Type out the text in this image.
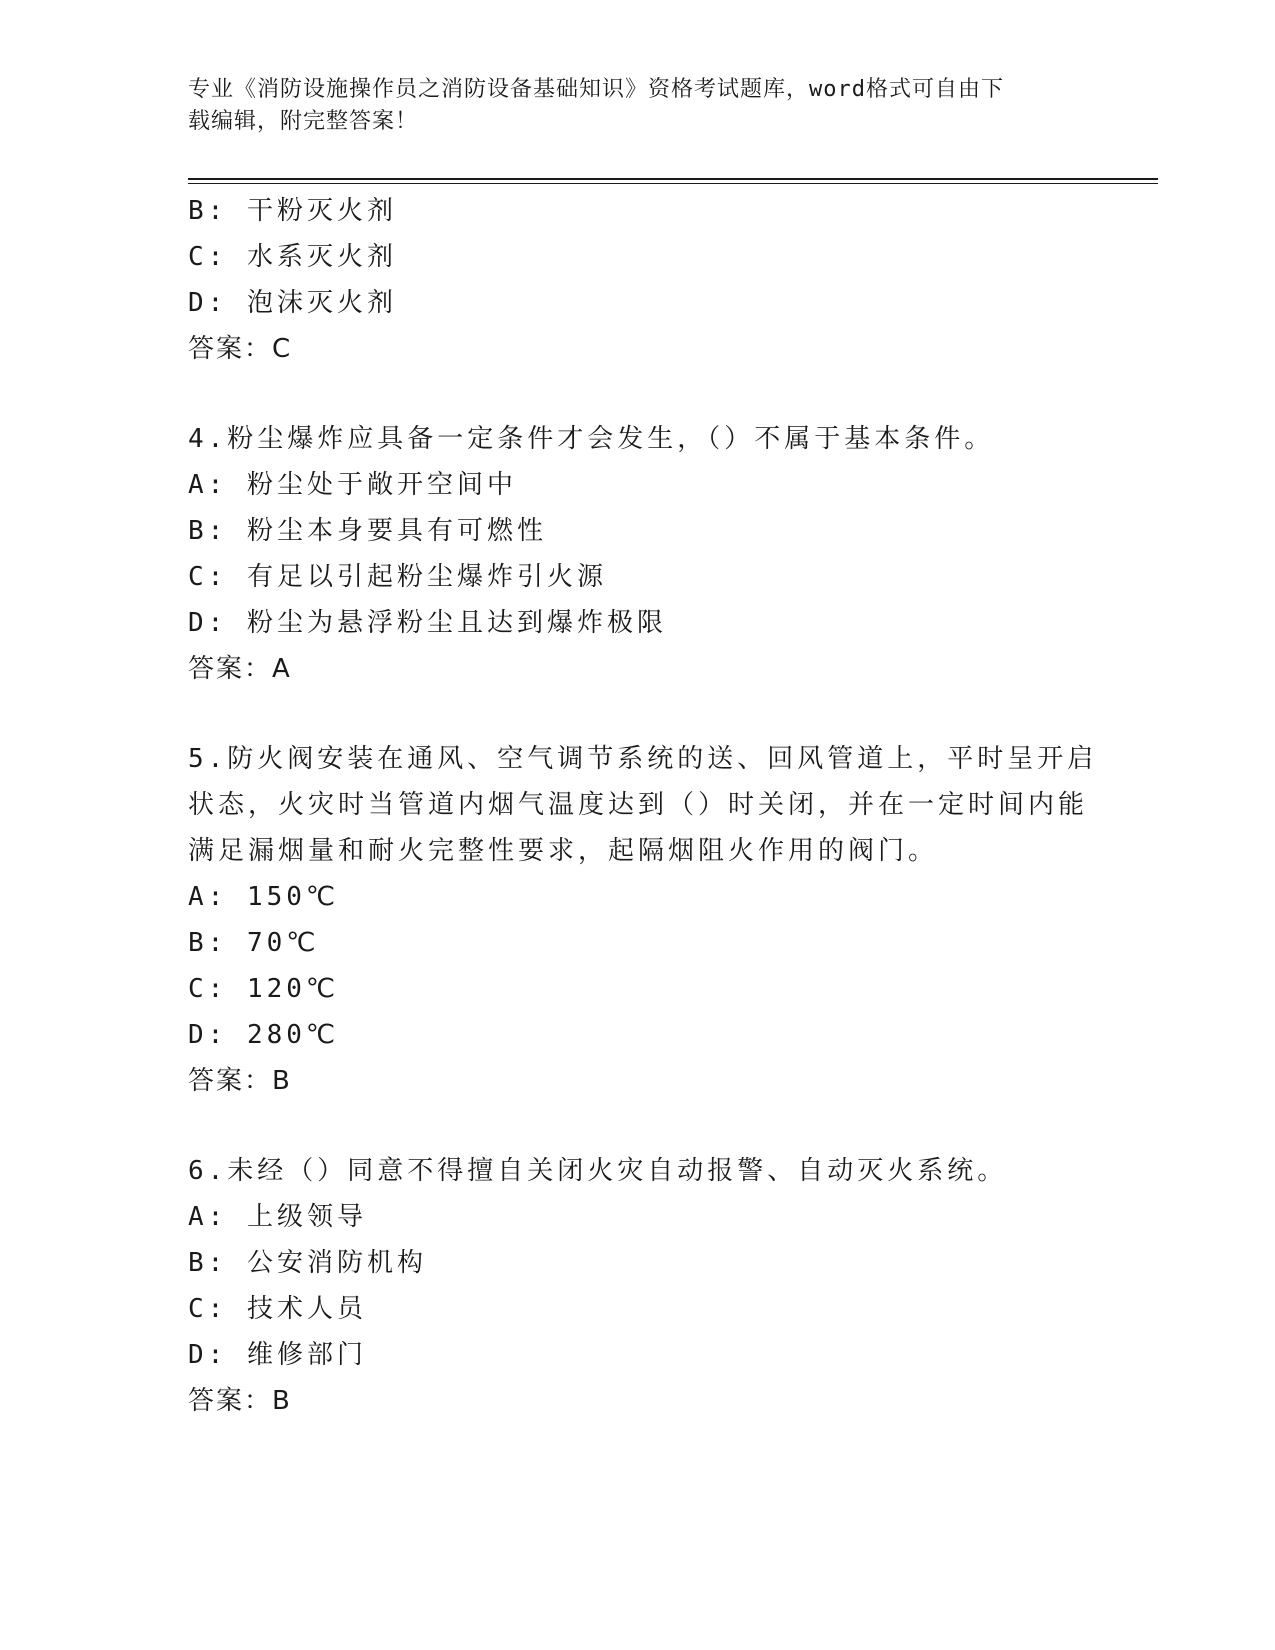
专业《消防设施操作员之消防设备基础知识》资格考试题库，word格式可自由下
载编辑，附完整答案！
B: 干粉灭火剂
C: 水系灭火剂
D: 泡沫灭火剂
答案：C
4.粉尘爆炸应具备一定条件才会发生，（）不属于基本条件。
A: 粉尘处于敞开空间中
B: 粉尘本身要具有可燃性
C: 有足以引起粉尘爆炸引火源
D: 粉尘为悬浮粉尘且达到爆炸极限
答案：A
5.防火阀安装在通风、空气调节系统的送、回风管道上，平时呈开启
状态，火灾时当管道内烟气温度达到（）时关闭，并在一定时间内能
满足漏烟量和耐火完整性要求，起隔烟阻火作用的阀门。
A: 150℃
B: 70℃
C: 120℃
D: 280℃
答案：B
6.未经（）同意不得擅自关闭火灾自动报警、自动灭火系统。
A: 上级领导
B: 公安消防机构
C: 技术人员
D: 维修部门
答案：B
